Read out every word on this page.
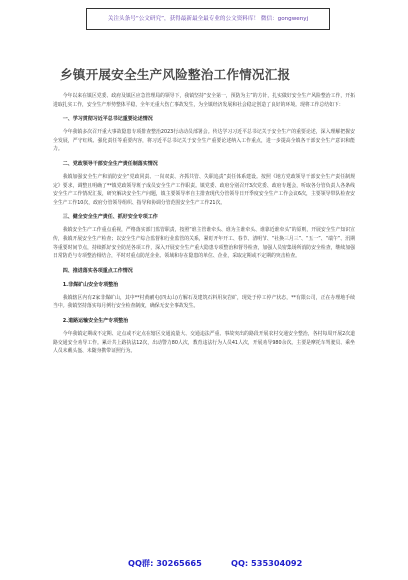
关注头条号“公文研究”，获得最新最全最专业的公文资料库！ 微信：gongwenyj
乡镇开展安全生产风险整治工作情况汇报

今年以来在镇区党委、政府及镇区应急管理局的领导下，我镇坚持“安全第一，预防为主”的方针，扎实做好安全生产风险整治工作，开拓进取扎实工作，安全生产形势整体平稳，全年无重大伤亡事故发生，为全镇经济发展和社会稳定创造了良好的环境。现将工作总结如下：

一、学习贯彻习近平总书记重要论述情况

今年我镇多次召开重大事故隐患专项排查整治2023行动动员部署会。传达学习习近平总书记关于安全生产的重要论述，深入理解把握安全发展，严守红线、强化责任等重要内容，将习近平总书记关于安全生产重要论述纳入工作重点，进一步提高全镇各干部安全生产意识和能力。

二、党政领导干部安全生产责任制落实情况

我镇加强安全生产和消防安全“党政同责、一岗双责、齐抓共管、失职追责”责任体系建设。按照《地方党政领导干部安全生产责任制规定》要求，调整且明确了**镇党政领导班子成员安全生产工作职责。镇党委、政府分别召开3次党委、政府专题会，听取各分管负责人各条线安全生产工作情况汇报，研究解决安全生产问题，镇主要领导率自主排查现代分管领导日开季度安全生产工作会议6次，主要领导带队检查安全生产工作10次，政府分管领导组织、指导和协调分管范围安全生产工作21次。

三、健全安全生产责任、抓好安全专项工作

我镇安全生产工作重点重视，严格落实部门监管职责，按照“谁主管谁牵头、谁为主谁牵头、谁靠近谁牵头”的原则，开展安全生产知识宣传，我镇开展安全生产检查；以安全生产综合监督和行业监管的关系，紧盯开年开工、春节、清明节、“社换三月三”、“五一”、“端午”、汛期等重要时间节点，持续抓好安全防范各项工作，深入开展安全生产重大隐患专项整治和督导检查，加强人员密集场所消防安全检查，继续加强日常防范与专项整治相结合，平时对重点防范企业、领域和存在隐患的单位、企业，采取定期或不定期的突击检查。

四、推进落实各项重点工作情况
1.非煤矿山安全专项整治

我镇辖区内有2家非煤矿山，其中**村黄鹂屯(四太山)方解石及建筑石料用灰岩矿，现处于停工停产状态，**有限公司，正在办理地手续当中。我镇坚持落实每月例行安全检查制度，确保无安全事故发生。

2.道路运输安全生产专项整治

今年我镇定期或不定期、定点或不定点在辖区交通流量大、交通违法严重、事故突出的路段开展农村交通安全整治，各村每周开展2次道路交通安全劝导工作。累计共上路执法12次，出动警力80人次，教育违法行为人员41人次，开展劝导980余次。主要是摩托车驾驶员、乘坐人员未戴头盔、未随身携带证照行为。

QQ群: 30265665	QQ: 535304092
